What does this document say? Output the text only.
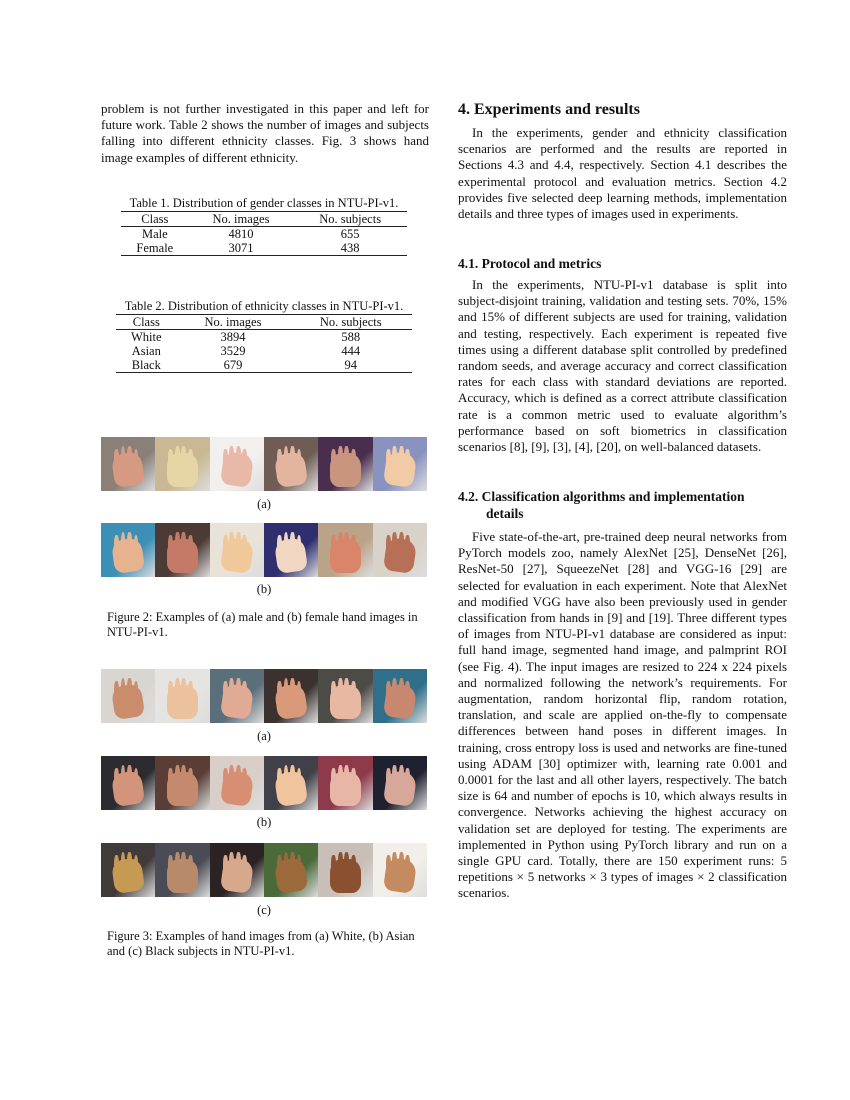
problem is not further investigated in this paper and left for future work. Table 2 shows the number of images and subjects falling into different ethnicity classes. Fig. 3 shows hand image examples of different ethnicity.

Table 1. Distribution of gender classes in NTU-PI-v1.
Class	No. images	No. subjects
Male	4810	655
Female	3071	438
Table 2. Distribution of ethnicity classes in NTU-PI-v1.
Class	No. images	No. subjects
White	3894	588
Asian	3529	444
Black	679	94
(a)
(b)
Figure 2: Examples of (a) male and (b) female hand images in NTU-PI-v1.
(a)
(b)
(c)
Figure 3: Examples of hand images from (a) White, (b) Asian and (c) Black subjects in NTU-PI-v1.
4. Experiments and results

In the experiments, gender and ethnicity classification scenarios are performed and the results are reported in Sections 4.3 and 4.4, respectively. Section 4.1 describes the experimental protocol and evaluation metrics. Section 4.2 provides five selected deep learning methods, implementation details and three types of images used in experiments.

4.1. Protocol and metrics

In the experiments, NTU-PI-v1 database is split into subject-disjoint training, validation and testing sets. 70%, 15% and 15% of different subjects are used for training, validation and testing, respectively. Each experiment is repeated five times using a different database split controlled by predefined random seeds, and average accuracy and correct classification rates for each class with standard deviations are reported. Accuracy, which is defined as a correct attribute classification rate is a common metric used to evaluate algorithm’s performance based on soft biometrics in classification scenarios [8], [9], [3], [4], [20], on well-balanced datasets.

4.2. Classification algorithms and implementation
details

Five state-of-the-art, pre-trained deep neural networks from PyTorch models zoo, namely AlexNet [25], DenseNet [26], ResNet-50 [27], SqueezeNet [28] and VGG-16 [29] are selected for evaluation in each experiment. Note that AlexNet and modified VGG have also been previously used in gender classification from hands in [9] and [19]. Three different types of images from NTU-PI-v1 database are considered as input: full hand image, segmented hand image, and palmprint ROI (see Fig. 4). The input images are resized to 224 x 224 pixels and normalized following the network’s requirements. For augmentation, random horizontal flip, random rotation, translation, and scale are applied on-the-fly to compensate differences between hand poses in different images. In training, cross entropy loss is used and networks are fine-tuned using ADAM [30] optimizer with, learning rate 0.001 and 0.0001 for the last and all other layers, respectively. The batch size is 64 and number of epochs is 10, which always results in convergence. Networks achieving the highest accuracy on validation set are deployed for testing. The experiments are implemented in Python using PyTorch library and run on a single GPU card. Totally, there are 150 experiment runs: 5 repetitions × 5 networks × 3 types of images × 2 classification scenarios.
